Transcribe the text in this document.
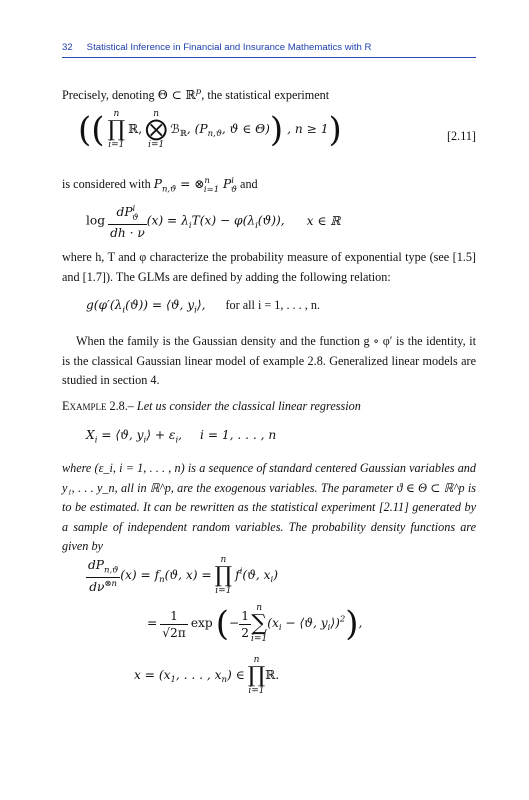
32 Statistical Inference in Financial and Insurance Mathematics with R
Precisely, denoting Θ ⊂ ℝ$^p$, the statistical experiment
(( n
∏
i=1
ℝ,
n
⨂
i=1
ℬ$_ℝ$, ($P_{n,ϑ}$, ϑ ∈ Θ)) , n ≥ 1)	[2.11]
is considered with $P_{n,ϑ}$ = ⊗$^n_{i=1}$ $P^i_ϑ$ and
$\log \frac{dP^i_ϑ}{dh \cdot \nu} (x) = \lambda_iT(x) - \varphi(\lambda_i(ϑ))$, x ∈ ℝ
where h, T and φ characterize the probability measure of exponential type (see [1.5] and [1.7]). The GLMs are defined by adding the following relation:
$g(\varphi'(\lambda_i(ϑ))$ = ⟨ϑ, $y_i⟩$, for all i = 1, . . . , n.
When the family is the Gaussian density and the function g ∘ φ′ is the identity, it is the classical Gaussian linear model of example 2.8. Generalized linear models are studied in section 4.
Example 2.8.– Let us consider the classical linear regression
$X_i$ = ⟨ϑ, $y_i⟩ + \varepsilon_i$, i = 1, . . . , n
where (ε_i, i = 1, . . . , n) is a sequence of standard centered Gaussian variables and y₁, . . . y_n, all in ℝ^p, are the exogenous variables. The parameter ϑ ∈ Θ ⊂ ℝ^p is to be estimated. It can be rewritten as the statistical experiment [2.11] generated by a sample of independent random variables. The probability density functions are given by
$\frac{dP_{n,ϑ}}{d\nu^{\otimes n}} (x) = f_n(ϑ$, x) =
n
∏
i=1
$f^i(ϑ$, $x_i$)
= $\frac{1}{√2\pi}$ exp (− $\frac{1}{2}$
n
∑
i=1
($x_i$ − ⟨ϑ, $y_i⟩)^2$),
$x = (x_1$, . . . , $x_n$) ∈
n
∏
i=1
ℝ.
